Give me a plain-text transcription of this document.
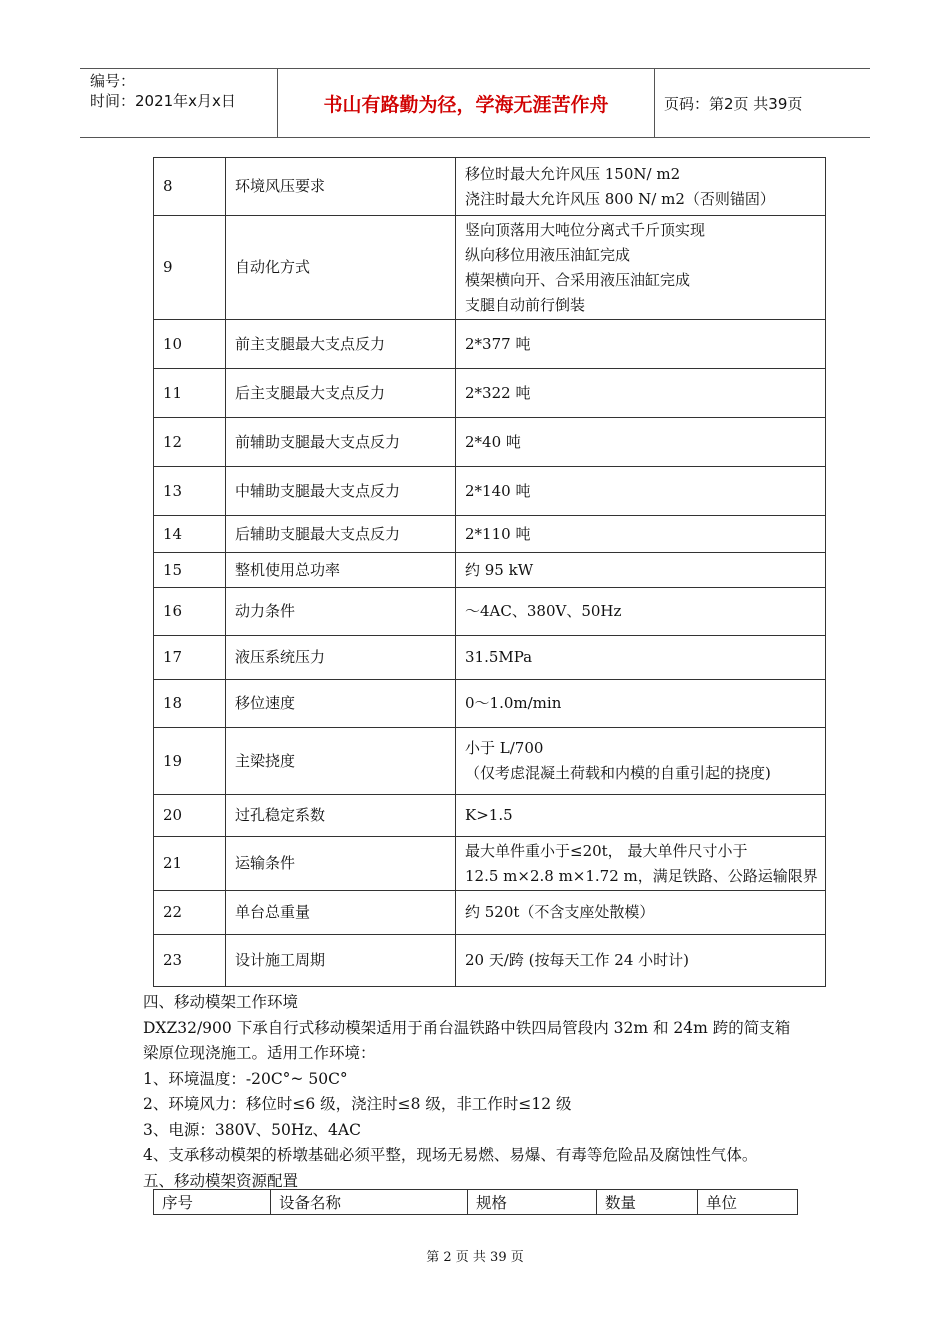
编号：
时间：2021年x月x日	书山有路勤为径，学海无涯苦作舟	页码：第2页 共39页
8	环境风压要求	移位时最大允许风压 150N/ m2
浇注时最大允许风压 800 N/ m2（否则锚固）

9	自动化方式	竖向顶落用大吨位分离式千斤顶实现
纵向移位用液压油缸完成
模架横向开、合采用液压油缸完成
支腿自动前行倒装

10	前主支腿最大支点反力	2*377 吨

11	后主支腿最大支点反力	2*322 吨

12	前辅助支腿最大支点反力	2*40 吨

13	中辅助支腿最大支点反力	2*140 吨

14	后辅助支腿最大支点反力	2*110 吨

15	整机使用总功率	约 95 kW

16	动力条件	～4AC、380V、50Hz

17	液压系统压力	31.5MPa

18	移位速度	0～1.0m/min

19	主梁挠度	小于 L/700
（仅考虑混凝土荷载和内模的自重引起的挠度)

20	过孔稳定系数	K>1.5

21	运输条件	最大单件重小于≤20t， 最大单件尺寸小于
12.5 m×2.8 m×1.72 m，满足铁路、公路运输限界

22	单台总重量	约 520t（不含支座处散模）

23	设计施工周期	20 天/跨 (按每天工作 24 小时计)

四、移动模架工作环境

DXZ32/900 下承自行式移动模架适用于甬台温铁路中铁四局管段内 32m 和 24m 跨的简支箱

梁原位现浇施工。适用工作环境：

1、环境温度：-20C°~ 50C°

2、环境风力：移位时≤6 级，浇注时≤8 级，非工作时≤12 级

3、电源：380V、50Hz、4AC

4、支承移动模架的桥墩基础必须平整，现场无易燃、易爆、有毒等危险品及腐蚀性气体。

五、移动模架资源配置

序号	设备名称	规格	数量	单位
第 2 页 共 39 页
